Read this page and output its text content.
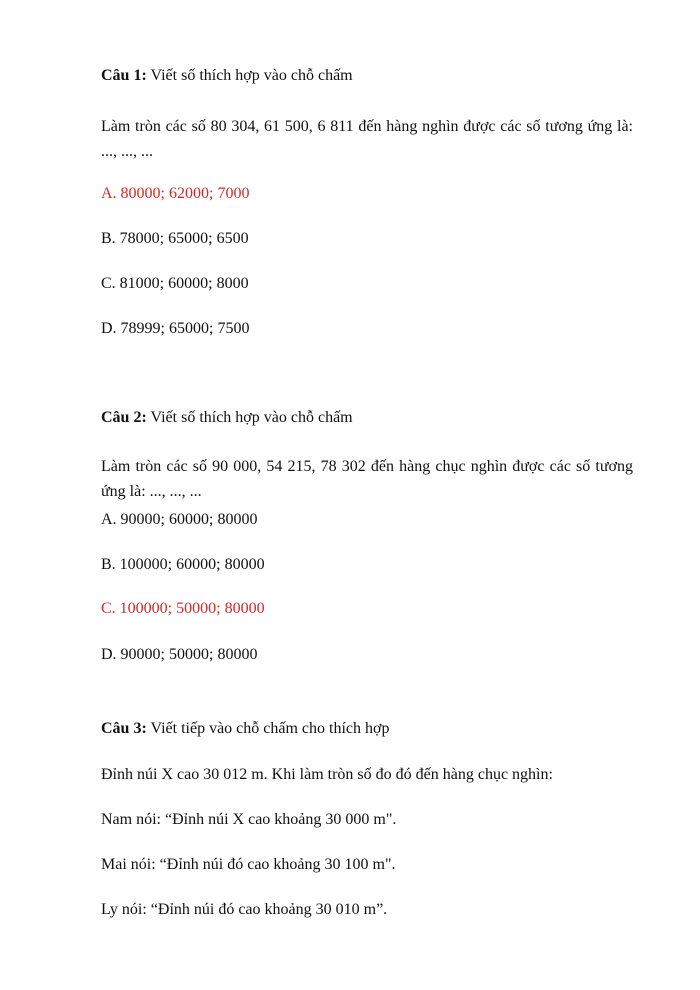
Câu 1: Viết số thích hợp vào chỗ chấm

Làm tròn các số 80 304, 61 500, 6 811 đến hàng nghìn được các số tương ứng là: ..., ..., ...

A. 80000; 62000; 7000

B. 78000; 65000; 6500

C. 81000; 60000; 8000

D. 78999; 65000; 7500

Câu 2: Viết số thích hợp vào chỗ chấm

Làm tròn các số 90 000, 54 215, 78 302 đến hàng chục nghìn được các số tương ứng là: ..., ..., ...

A. 90000; 60000; 80000

B. 100000; 60000; 80000

C. 100000; 50000; 80000

D. 90000; 50000; 80000

Câu 3: Viết tiếp vào chỗ chấm cho thích hợp

Đỉnh núi X cao 30 012 m. Khi làm tròn số đo đó đến hàng chục nghìn:

Nam nói: “Đỉnh núi X cao khoảng 30 000 m".

Mai nói: “Đỉnh núi đó cao khoảng 30 100 m".

Ly nói: “Đỉnh núi đó cao khoảng 30 010 m”.
